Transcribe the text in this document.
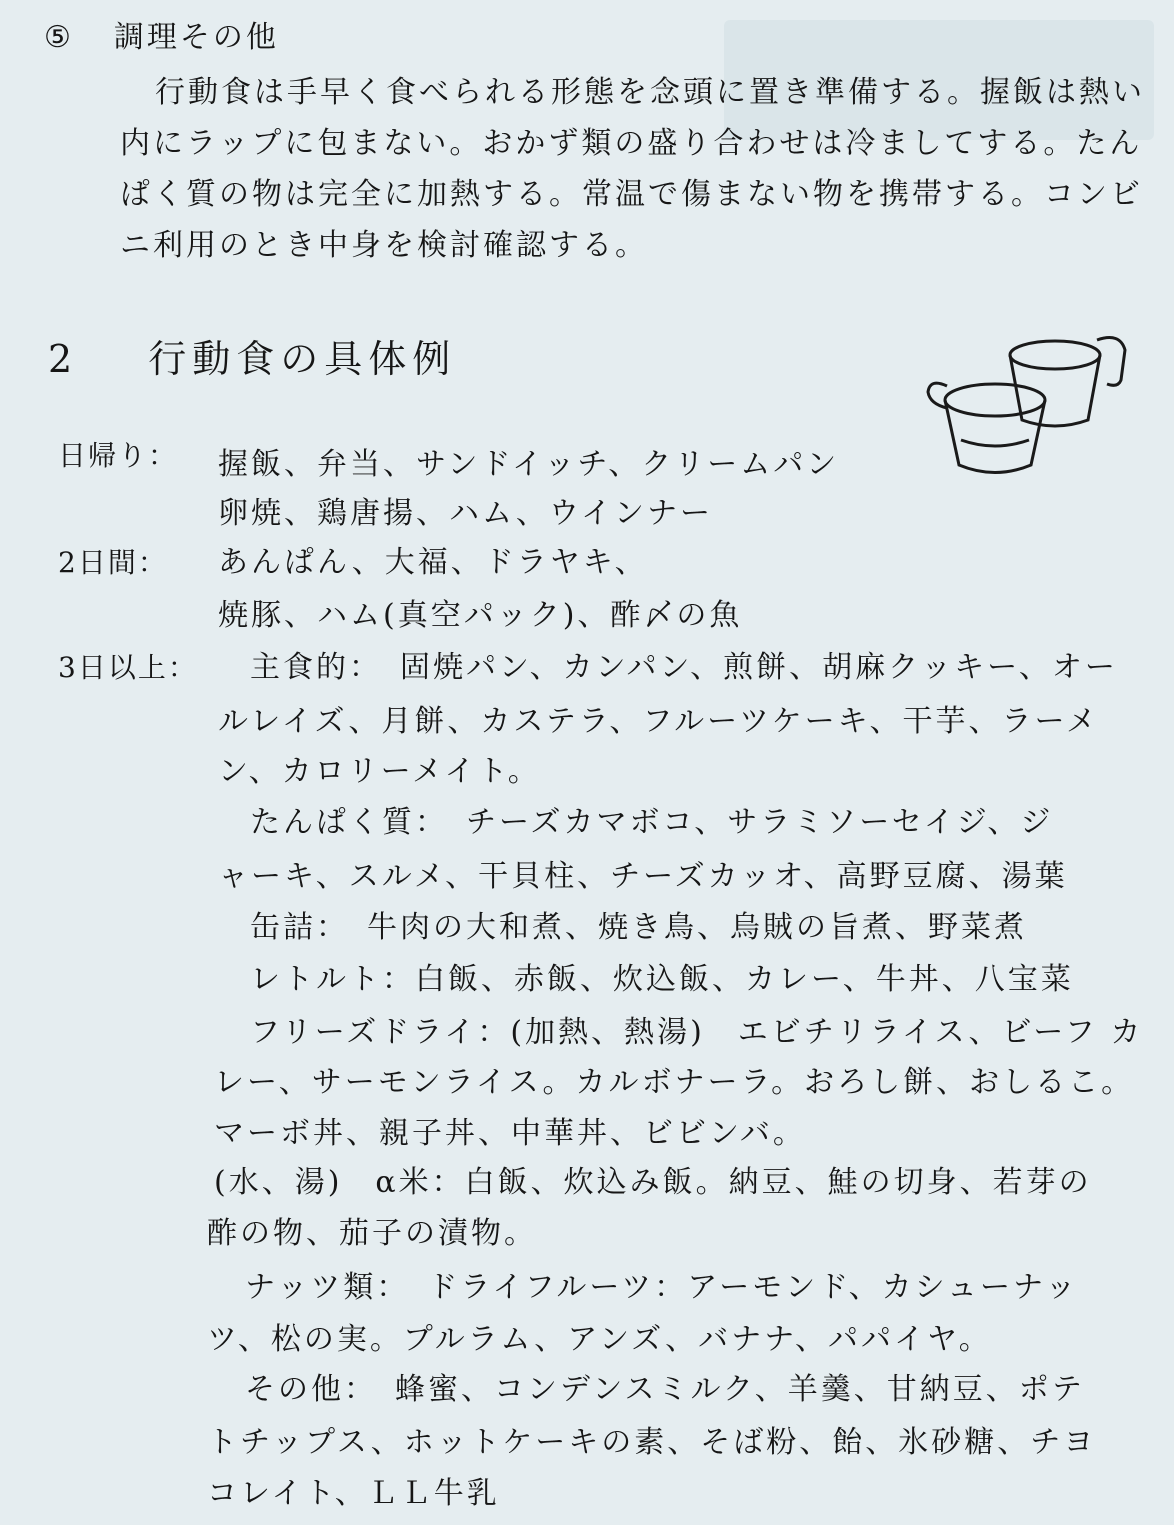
⑤ 調理その他
行動食は手早く食べられる形態を念頭に置き準備する。握飯は熱い
内にラップに包まない。おかず類の盛り合わせは冷ましてする。たん
ぱく質の物は完全に加熱する。常温で傷まない物を携帯する。コンビ
ニ利用のとき中身を検討確認する。
2 行動食の具体例
日帰り： 握飯、弁当、サンドイッチ、クリームパン
卵焼、鶏唐揚、ハム、ウインナー
2日間： あんぱん、大福、ドラヤキ、
焼豚、ハム(真空パック)、酢〆の魚
3日以上： 主食的：　固焼パン、カンパン、煎餅、胡麻クッキー、オー
ルレイズ、月餅、カステラ、フルーツケーキ、干芋、ラーメ
ン、カロリーメイト。
たんぱく質：　チーズカマボコ、サラミソーセイジ、ジ
ャーキ、スルメ、干貝柱、チーズカッオ、高野豆腐、湯葉
缶詰：　牛肉の大和煮、焼き鳥、烏賊の旨煮、野菜煮
レトルト：白飯、赤飯、炊込飯、カレー、牛丼、八宝菜
フリーズドライ：(加熱、熱湯)　エビチリライス、ビーフ カ
レー、サーモンライス。カルボナーラ。おろし餅、おしるこ。
マーボ丼、親子丼、中華丼、ビビンバ。
(水、湯)　α米：白飯、炊込み飯。納豆、鮭の切身、若芽の
酢の物、茄子の漬物。
ナッツ類：　ドライフルーツ：アーモンド、カシューナッ
ツ、松の実。プルラム、アンズ、バナナ、パパイヤ。
その他：　蜂蜜、コンデンスミルク、羊羹、甘納豆、ポテ
トチップス、ホットケーキの素、そば粉、飴、氷砂糖、チヨ
コレイト、ＬＬ牛乳
